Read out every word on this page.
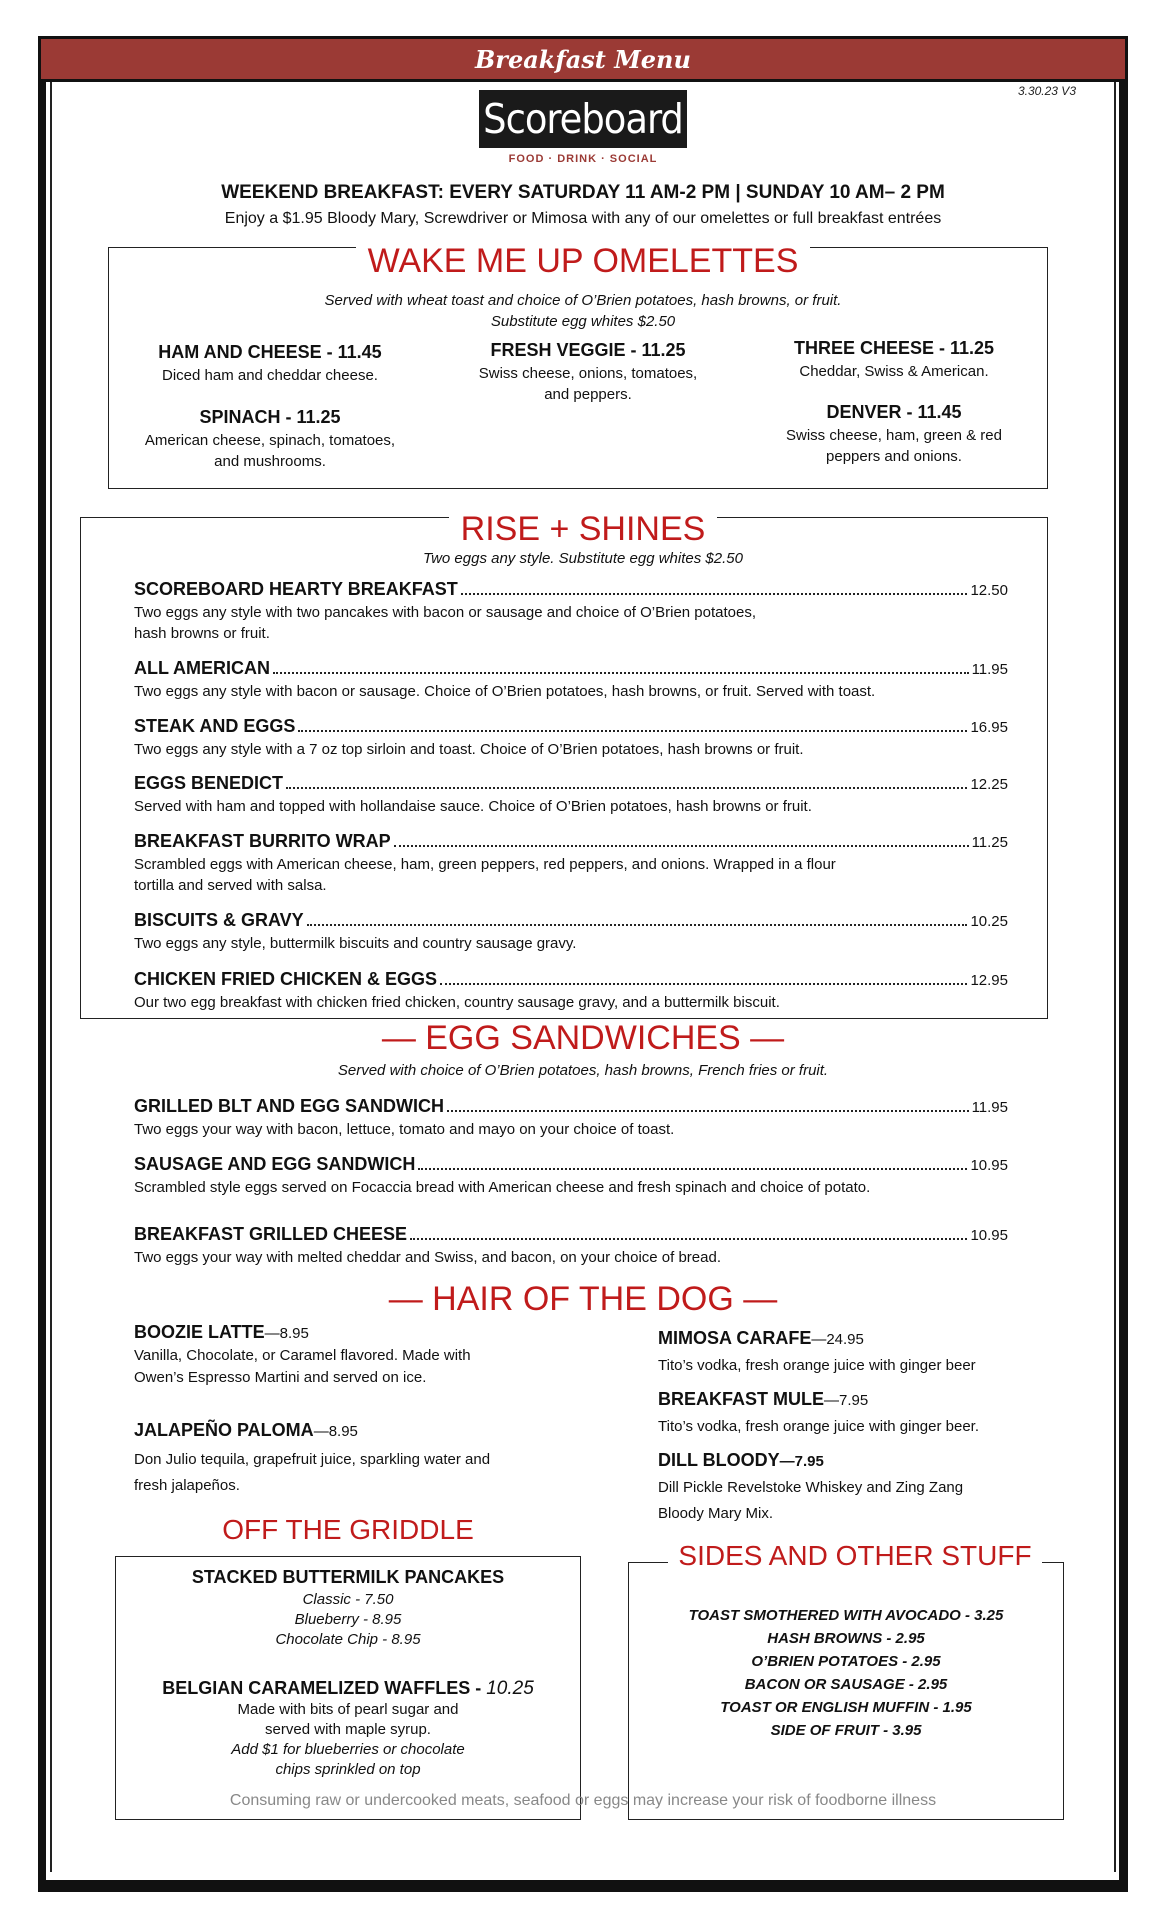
Breakfast Menu
3.30.23 V3
Scoreboard
FOOD · DRINK · SOCIAL
WEEKEND BREAKFAST: EVERY SATURDAY 11 AM-2 PM | SUNDAY 10 AM– 2 PM
Enjoy a $1.95 Bloody Mary, Screwdriver or Mimosa with any of our omelettes or full breakfast entrées
WAKE ME UP OMELETTES
Served with wheat toast and choice of O’Brien potatoes, hash browns, or fruit.
Substitute egg whites $2.50
HAM AND CHEESE - 11.45
Diced ham and cheddar cheese.
SPINACH - 11.25
American cheese, spinach, tomatoes,
and mushrooms.
FRESH VEGGIE - 11.25
Swiss cheese, onions, tomatoes,
and peppers.
THREE CHEESE - 11.25
Cheddar, Swiss & American.
DENVER - 11.45
Swiss cheese, ham, green & red
peppers and onions.
RISE + SHINES
Two eggs any style. Substitute egg whites $2.50
SCOREBOARD HEARTY BREAKFAST	12.50
Two eggs any style with two pancakes with bacon or sausage and choice of O’Brien potatoes,
hash browns or fruit.
ALL AMERICAN	11.95
Two eggs any style with bacon or sausage. Choice of O’Brien potatoes, hash browns, or fruit. Served with toast.
STEAK AND EGGS	16.95
Two eggs any style with a 7 oz top sirloin and toast. Choice of O’Brien potatoes, hash browns or fruit.
EGGS BENEDICT	12.25
Served with ham and topped with hollandaise sauce. Choice of O’Brien potatoes, hash browns or fruit.
BREAKFAST BURRITO WRAP	11.25
Scrambled eggs with American cheese, ham, green peppers, red peppers, and onions. Wrapped in a flour
tortilla and served with salsa.
BISCUITS & GRAVY	10.25
Two eggs any style, buttermilk biscuits and country sausage gravy.
CHICKEN FRIED CHICKEN & EGGS	12.95
Our two egg breakfast with chicken fried chicken, country sausage gravy, and a buttermilk biscuit.
— EGG SANDWICHES —
Served with choice of O’Brien potatoes, hash browns, French fries or fruit.
GRILLED BLT AND EGG SANDWICH	11.95
Two eggs your way with bacon, lettuce, tomato and mayo on your choice of toast.
SAUSAGE AND EGG SANDWICH	10.95
Scrambled style eggs served on Focaccia bread with American cheese and fresh spinach and choice of potato.
BREAKFAST GRILLED CHEESE	10.95
Two eggs your way with melted cheddar and Swiss, and bacon, on your choice of bread.
— HAIR OF THE DOG —
BOOZIE LATTE—8.95
Vanilla, Chocolate, or Caramel flavored. Made with
Owen’s Espresso Martini and served on ice.
JALAPEÑO PALOMA—8.95
Don Julio tequila, grapefruit juice, sparkling water and
fresh jalapeños.
MIMOSA CARAFE—24.95
Tito’s vodka, fresh orange juice with ginger beer
BREAKFAST MULE—7.95
Tito’s vodka, fresh orange juice with ginger beer.
DILL BLOODY—7.95
Dill Pickle Revelstoke Whiskey and Zing Zang
Bloody Mary Mix.
OFF THE GRIDDLE
STACKED BUTTERMILK PANCAKES
Classic - 7.50
Blueberry - 8.95
Chocolate Chip - 8.95
BELGIAN CARAMELIZED WAFFLES - 10.25
Made with bits of pearl sugar and
served with maple syrup.
Add $1 for blueberries or chocolate
chips sprinkled on top
SIDES AND OTHER STUFF
TOAST SMOTHERED WITH AVOCADO - 3.25
HASH BROWNS - 2.95
O’BRIEN POTATOES - 2.95
BACON OR SAUSAGE - 2.95
TOAST OR ENGLISH MUFFIN - 1.95
SIDE OF FRUIT - 3.95
Consuming raw or undercooked meats, seafood or eggs may increase your risk of foodborne illness
